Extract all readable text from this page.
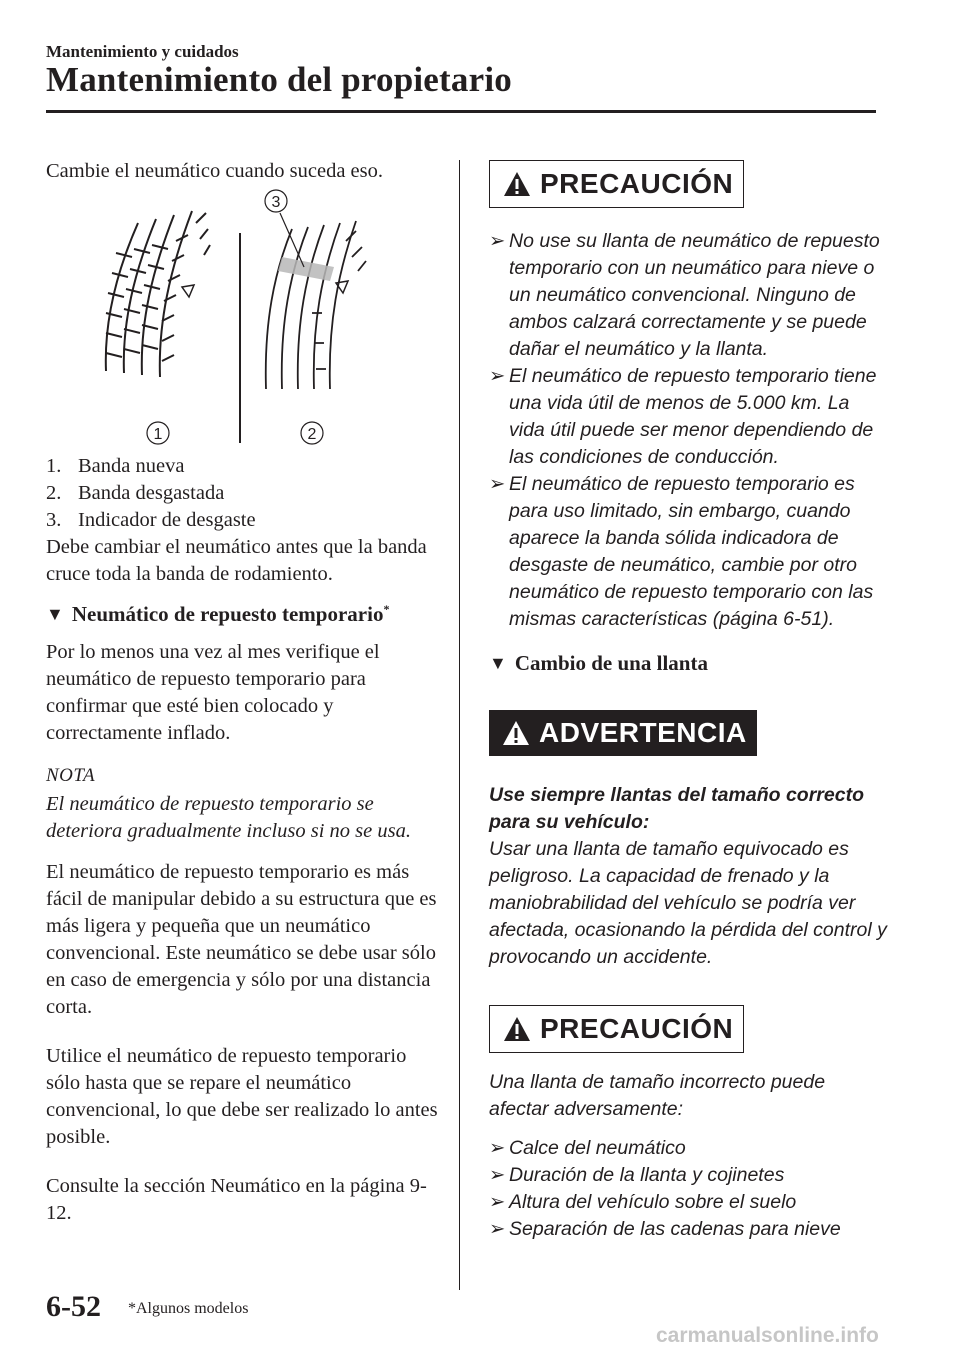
Mantenimiento y cuidados
Mantenimiento del propietario

Cambie el neumático cuando suceda eso.

1	2
3
1. Banda nueva
2. Banda desgastada
3. Indicador de desgaste

Debe cambiar el neumático antes que la banda cruce toda la banda de rodamiento.

▼ Neumático de repuesto temporario*

Por lo menos una vez al mes verifique el neumático de repuesto temporario para confirmar que esté bien colocado y correctamente inflado.

NOTA

El neumático de repuesto temporario se deteriora gradualmente incluso si no se usa.

El neumático de repuesto temporario es más fácil de manipular debido a su estructura que es más ligera y pequeña que un neumático convencional. Este neumático se debe usar sólo en caso de emergencia y sólo por una distancia corta.

Utilice el neumático de repuesto temporario sólo hasta que se repare el neumático convencional, lo que debe ser realizado lo antes posible.

Consulte la sección Neumático en la página 9-12.

PRECAUCIÓN
➢ No use su llanta de neumático de repuesto temporario con un neumático para nieve o un neumático convencional. Ninguno de ambos calzará correctamente y se puede dañar el neumático y la llanta.
➢ El neumático de repuesto temporario tiene una vida útil de menos de 5.000 km. La vida útil puede ser menor dependiendo de las condiciones de conducción.
➢ El neumático de repuesto temporario es para uso limitado, sin embargo, cuando aparece la banda sólida indicadora de desgaste de neumático, cambie por otro neumático de repuesto temporario con las mismas características (página 6-51).
▼ Cambio de una llanta
ADVERTENCIA
Use siempre llantas del tamaño correcto para su vehículo:
Usar una llanta de tamaño equivocado es peligroso. La capacidad de frenado y la maniobrabilidad del vehículo se podría ver afectada, ocasionando la pérdida del control y provocando un accidente.
PRECAUCIÓN
Una llanta de tamaño incorrecto puede afectar adversamente:
➢ Calce del neumático
➢ Duración de la llanta y cojinetes
➢ Altura del vehículo sobre el suelo
➢ Separación de las cadenas para nieve
6-52 *Algunos modelos
carmanualsonline.info
